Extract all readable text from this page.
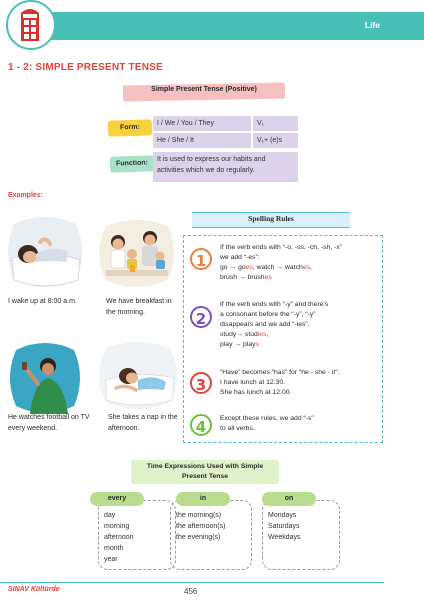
Life
1 - 2: SIMPLE PRESENT TENSE
Simple Present Tense (Positive)
Form:
I / We / You / They	V₁
He / She / It	V₁+ (e)s
Function:	It is used to express our habits and activities which we do regularly.
Examples:
I wake up at 8:00 a.m.	We have breakfast in the morning.
He watches football on TV every weekend.
She takes a nap in the afternoon.
Spelling Rules
1
If the verb ends with “-o, -ss, -ch, -sh, -x”
we add “-es”:
go → goes, watch → watches,
brush → brushes
2
If the verb ends with “-y” and there’s
a consonant before the “-y”, “-y”
disappears and we add “-ies”.
study→ studies,
play → plays
3
“Have” becomes “has” for “he - she - it”:
I have lunch at 12.30.
She has lunch at 12.00.
4	Except these rules, we add “-s”
to all verbs.
Time Expressions Used with Simple
Present Tense
every
day
morning
afternoon
month
year
in
the morning(s)
the afternoon(s)
the evening(s)
on
Mondays
Saturdays
Weekdays
SINAV Kültürde	456
